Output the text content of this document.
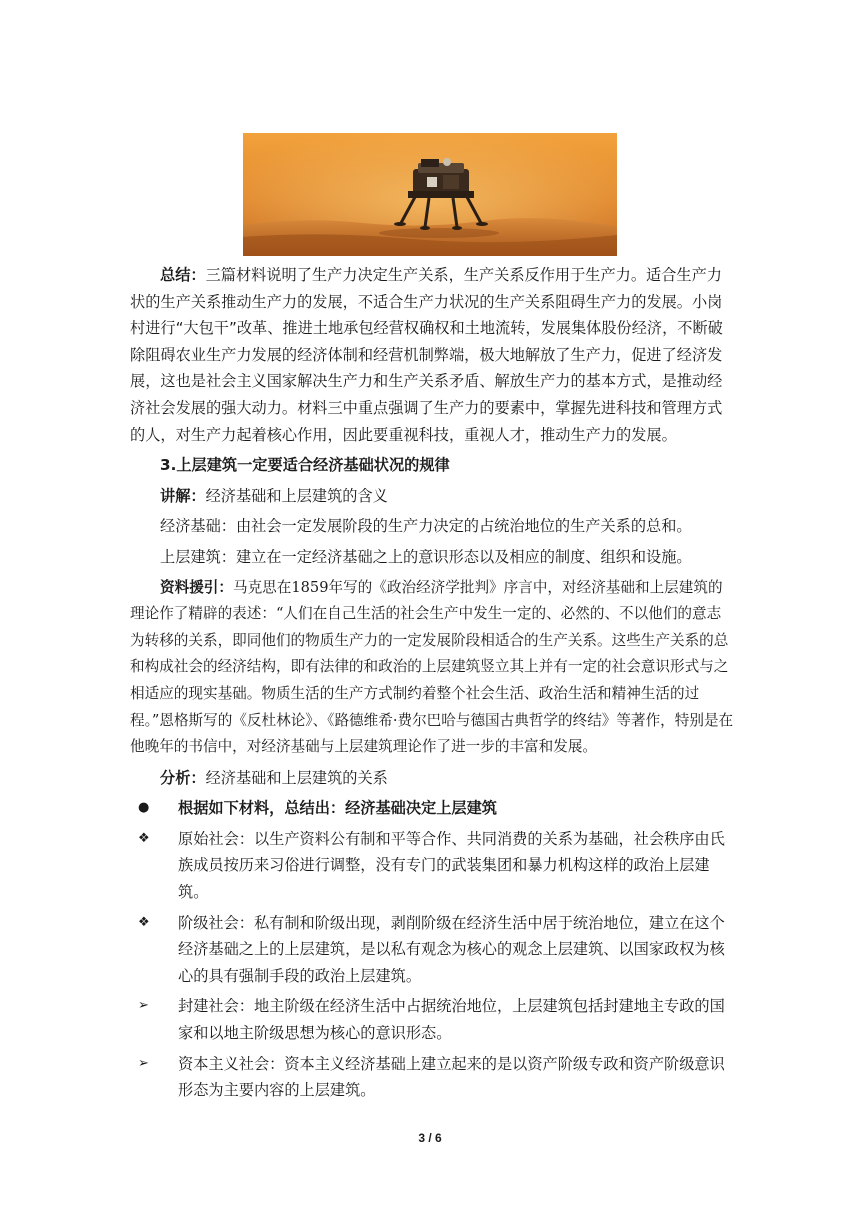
总结：三篇材料说明了生产力决定生产关系，生产关系反作用于生产力。适合生产力状的生产关系推动生产力的发展，不适合生产力状况的生产关系阻碍生产力的发展。小岗村进行“大包干”改革、推进土地承包经营权确权和土地流转，发展集体股份经济，不断破除阻碍农业生产力发展的经济体制和经营机制弊端，极大地解放了生产力，促进了经济发展，这也是社会主义国家解决生产力和生产关系矛盾、解放生产力的基本方式，是推动经济社会发展的强大动力。材料三中重点强调了生产力的要素中，掌握先进科技和管理方式的人，对生产力起着核心作用，因此要重视科技，重视人才，推动生产力的发展。

3.上层建筑一定要适合经济基础状况的规律

讲解：经济基础和上层建筑的含义

经济基础：由社会一定发展阶段的生产力决定的占统治地位的生产关系的总和。

上层建筑：建立在一定经济基础之上的意识形态以及相应的制度、组织和设施。

资料援引：马克思在1859年写的《政治经济学批判》序言中，对经济基础和上层建筑的理论作了精辟的表述：“人们在自己生活的社会生产中发生一定的、必然的、不以他们的意志为转移的关系，即同他们的物质生产力的一定发展阶段相适合的生产关系。这些生产关系的总和构成社会的经济结构，即有法律的和政治的上层建筑竖立其上并有一定的社会意识形式与之相适应的现实基础。物质生活的生产方式制约着整个社会生活、政治生活和精神生活的过程。”恩格斯写的《反杜林论》、《路德维希·费尔巴哈与德国古典哲学的终结》等著作，特别是在他晚年的书信中，对经济基础与上层建筑理论作了进一步的丰富和发展。

分析：经济基础和上层建筑的关系

●	根据如下材料，总结出：经济基础决定上层建筑
❖	原始社会：以生产资料公有制和平等合作、共同消费的关系为基础，社会秩序由氏族成员按历来习俗进行调整，没有专门的武装集团和暴力机构这样的政治上层建筑。
❖	阶级社会：私有制和阶级出现，剥削阶级在经济生活中居于统治地位，建立在这个经济基础之上的上层建筑，是以私有观念为核心的观念上层建筑、以国家政权为核心的具有强制手段的政治上层建筑。
➢	封建社会：地主阶级在经济生活中占据统治地位，上层建筑包括封建地主专政的国家和以地主阶级思想为核心的意识形态。
➢	资本主义社会：资本主义经济基础上建立起来的是以资产阶级专政和资产阶级意识形态为主要内容的上层建筑。
3 / 6
